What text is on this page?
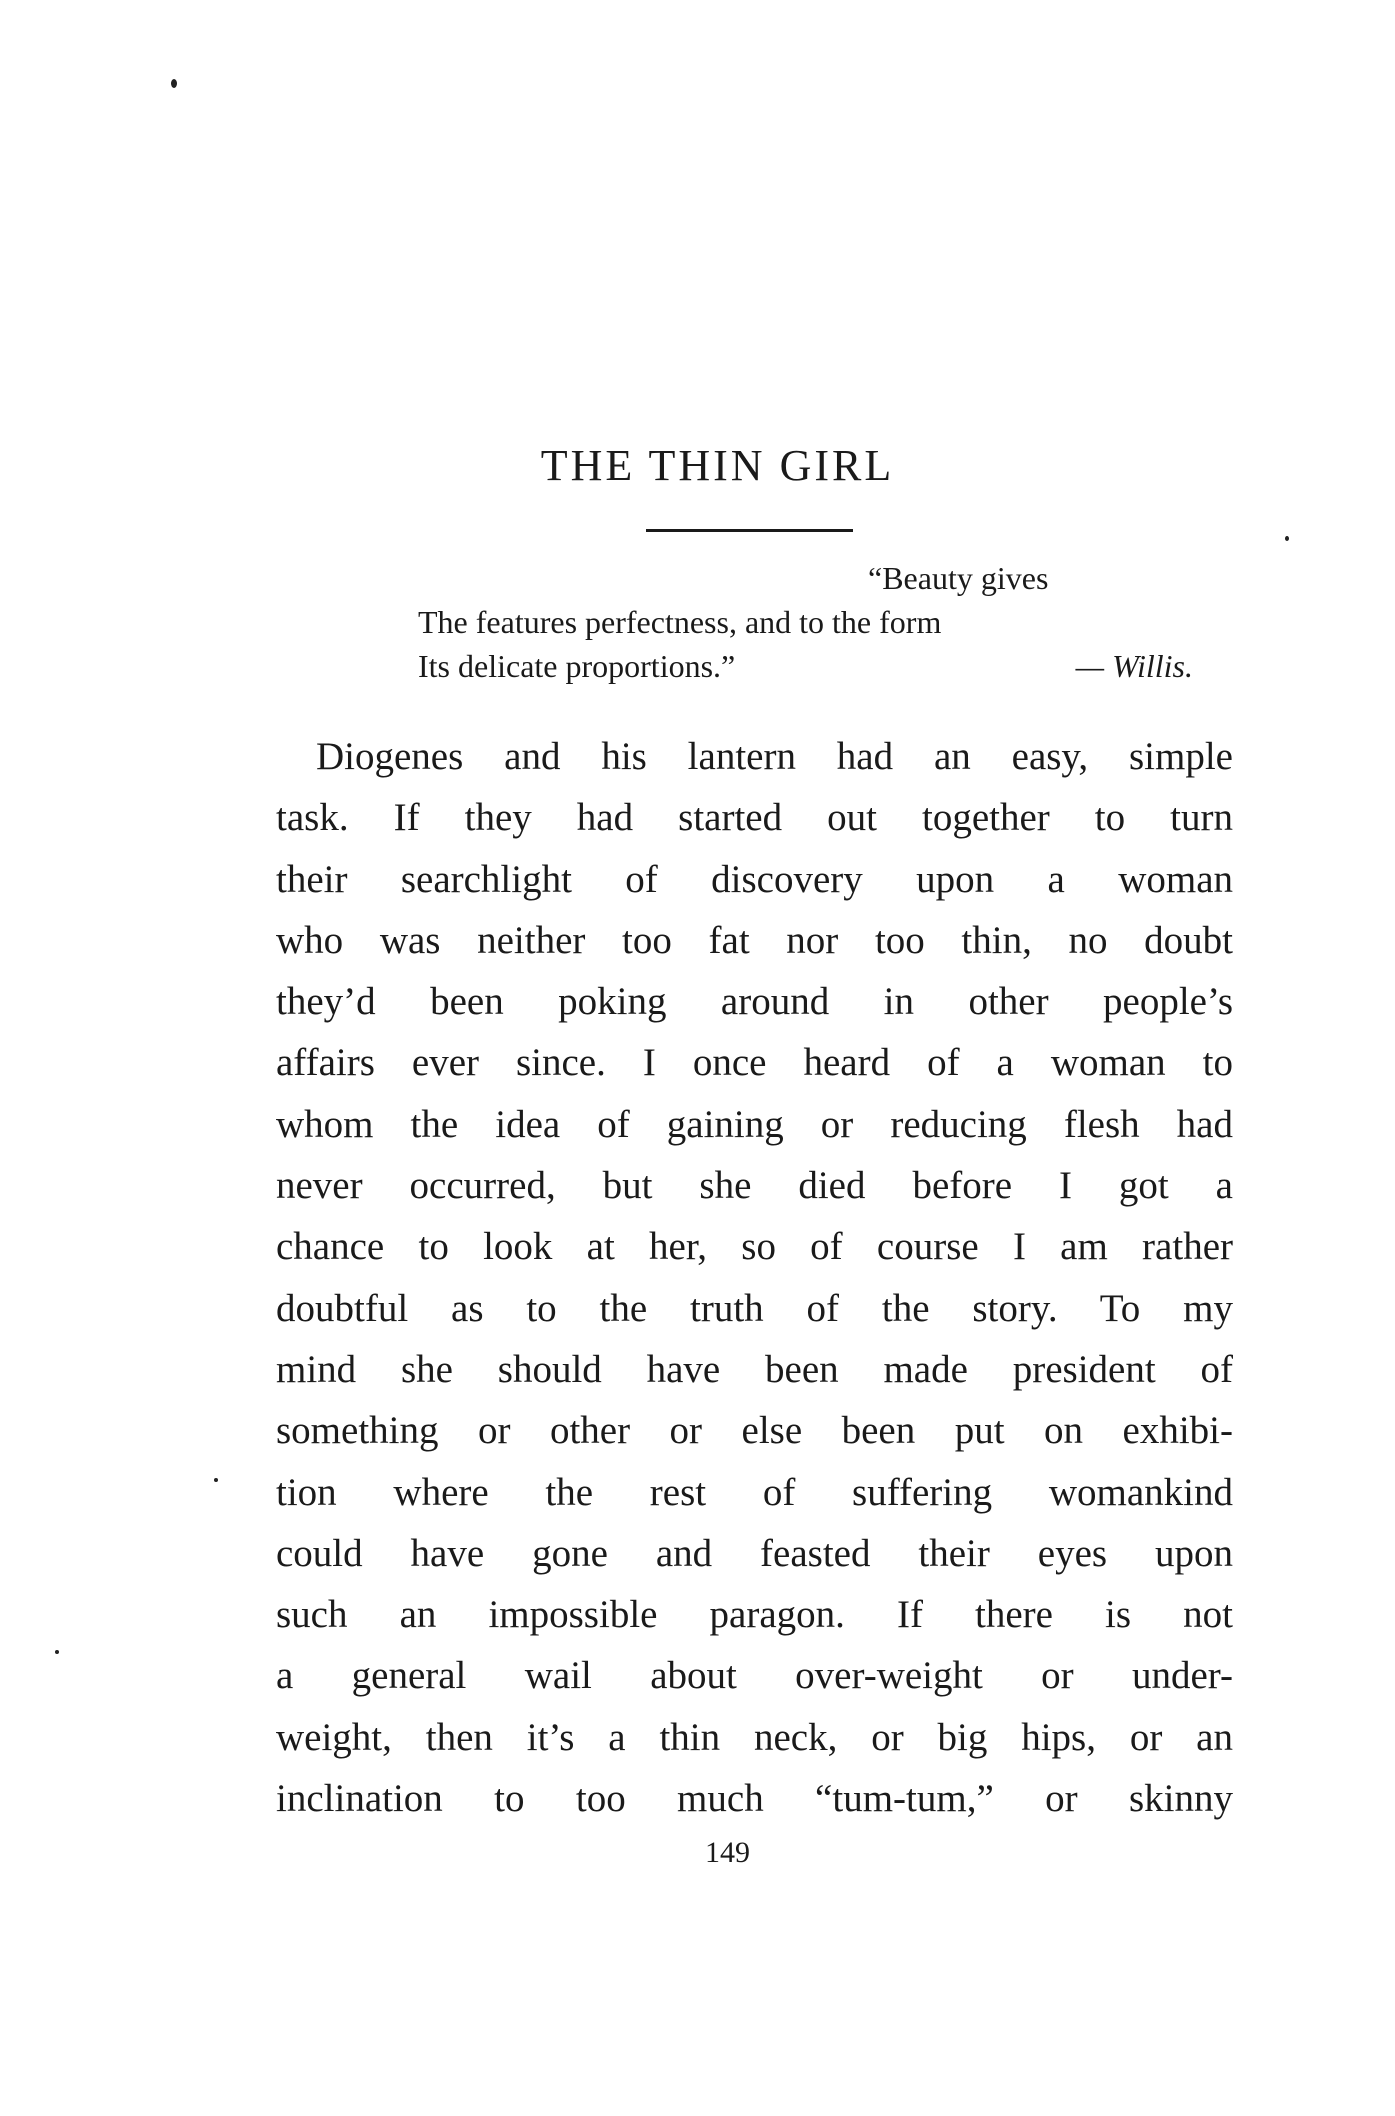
THE THIN GIRL
“Beauty gives
The features perfectness, and to the form
Its delicate proportions.”	— Willis.
Diogenes and his lantern had an easy, simple
task. If they had started out together to turn
their searchlight of discovery upon a woman
who was neither too fat nor too thin, no doubt
they’d been poking around in other people’s
affairs ever since. I once heard of a woman to
whom the idea of gaining or reducing flesh had
never occurred, but she died before I got a
chance to look at her, so of course I am rather
doubtful as to the truth of the story. To my
mind she should have been made president of
something or other or else been put on exhibi-
tion where the rest of suffering womankind
could have gone and feasted their eyes upon
such an impossible paragon. If there is not
a general wail about over-weight or under-
weight, then it’s a thin neck, or big hips, or an
inclination to too much “tum-tum,” or skinny
149
